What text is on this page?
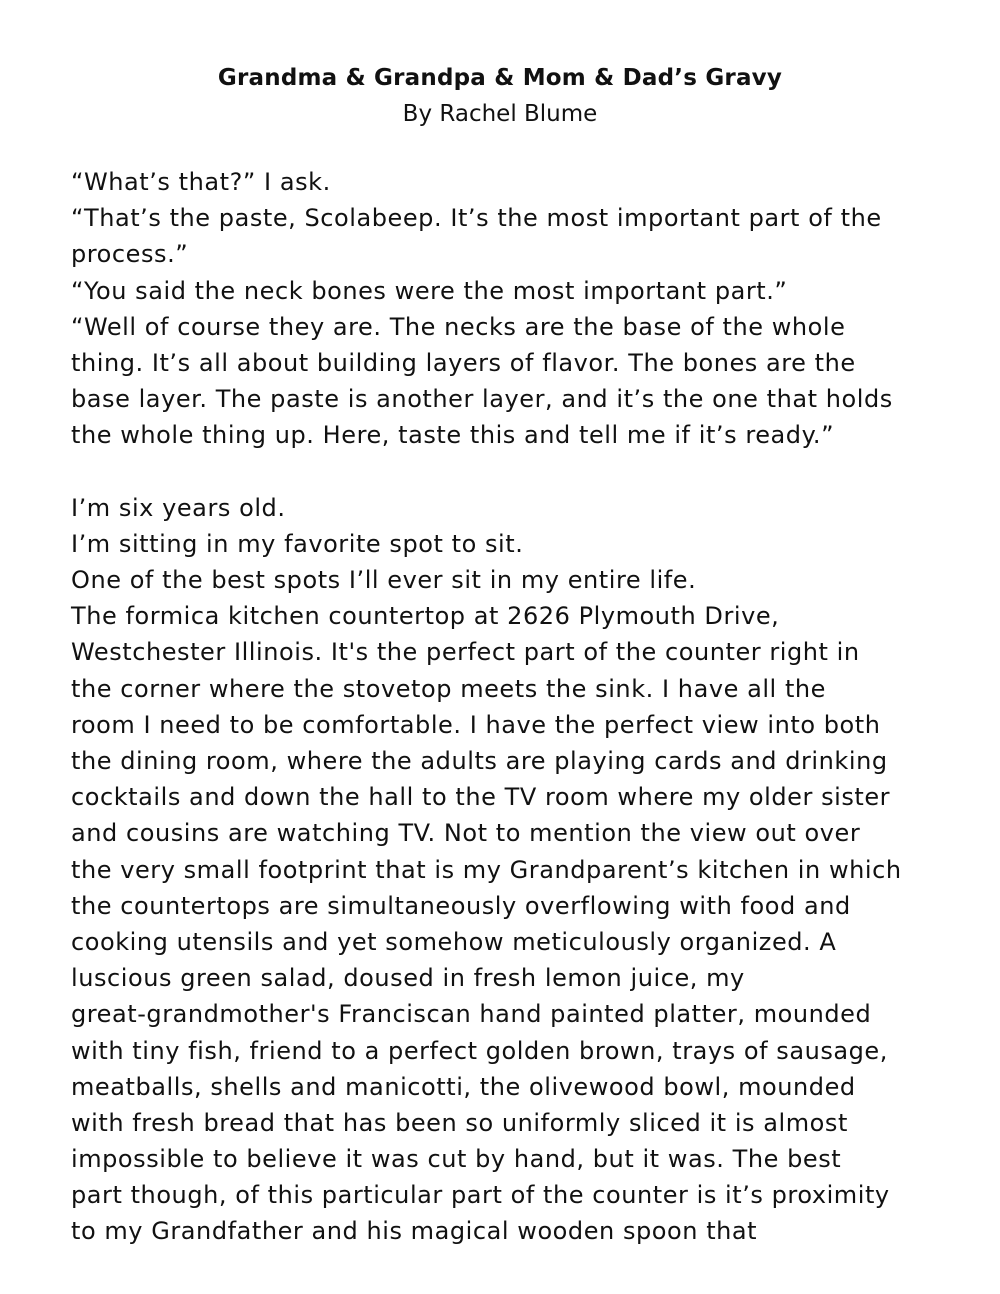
Grandma & Grandpa & Mom & Dad’s Gravy
By Rachel Blume
“What’s that?” I ask.
“That’s the paste, Scolabeep. It’s the most important part of the
process.”
“You said the neck bones were the most important part.”
“Well of course they are. The necks are the base of the whole
thing. It’s all about building layers of flavor. The bones are the
base layer. The paste is another layer, and it’s the one that holds
the whole thing up. Here, taste this and tell me if it’s ready.”
I’m six years old.
I’m sitting in my favorite spot to sit.
One of the best spots I’ll ever sit in my entire life.
The formica kitchen countertop at 2626 Plymouth Drive,
Westchester Illinois. It's the perfect part of the counter right in
the corner where the stovetop meets the sink. I have all the
room I need to be comfortable. I have the perfect view into both
the dining room, where the adults are playing cards and drinking
cocktails and down the hall to the TV room where my older sister
and cousins are watching TV. Not to mention the view out over
the very small footprint that is my Grandparent’s kitchen in which
the countertops are simultaneously overflowing with food and
cooking utensils and yet somehow meticulously organized. A
luscious green salad, doused in fresh lemon juice, my
great-grandmother's Franciscan hand painted platter, mounded
with tiny fish, friend to a perfect golden brown, trays of sausage,
meatballs, shells and manicotti, the olivewood bowl, mounded
with fresh bread that has been so uniformly sliced it is almost
impossible to believe it was cut by hand, but it was. The best
part though, of this particular part of the counter is it’s proximity
to my Grandfather and his magical wooden spoon that
